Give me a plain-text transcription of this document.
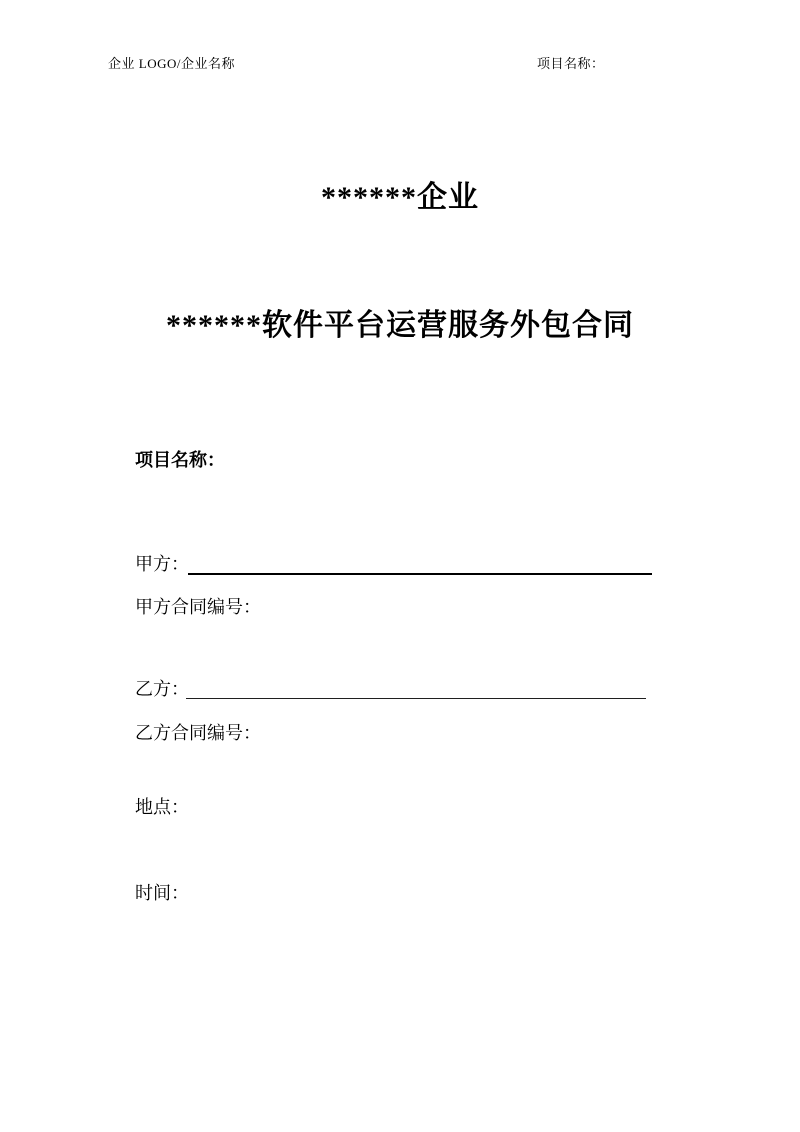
企业 LOGO/企业名称	项目名称：
******企业
******软件平台运营服务外包合同
项目名称：
甲方：
甲方合同编号：
乙方：
乙方合同编号：
地点：
时间：
